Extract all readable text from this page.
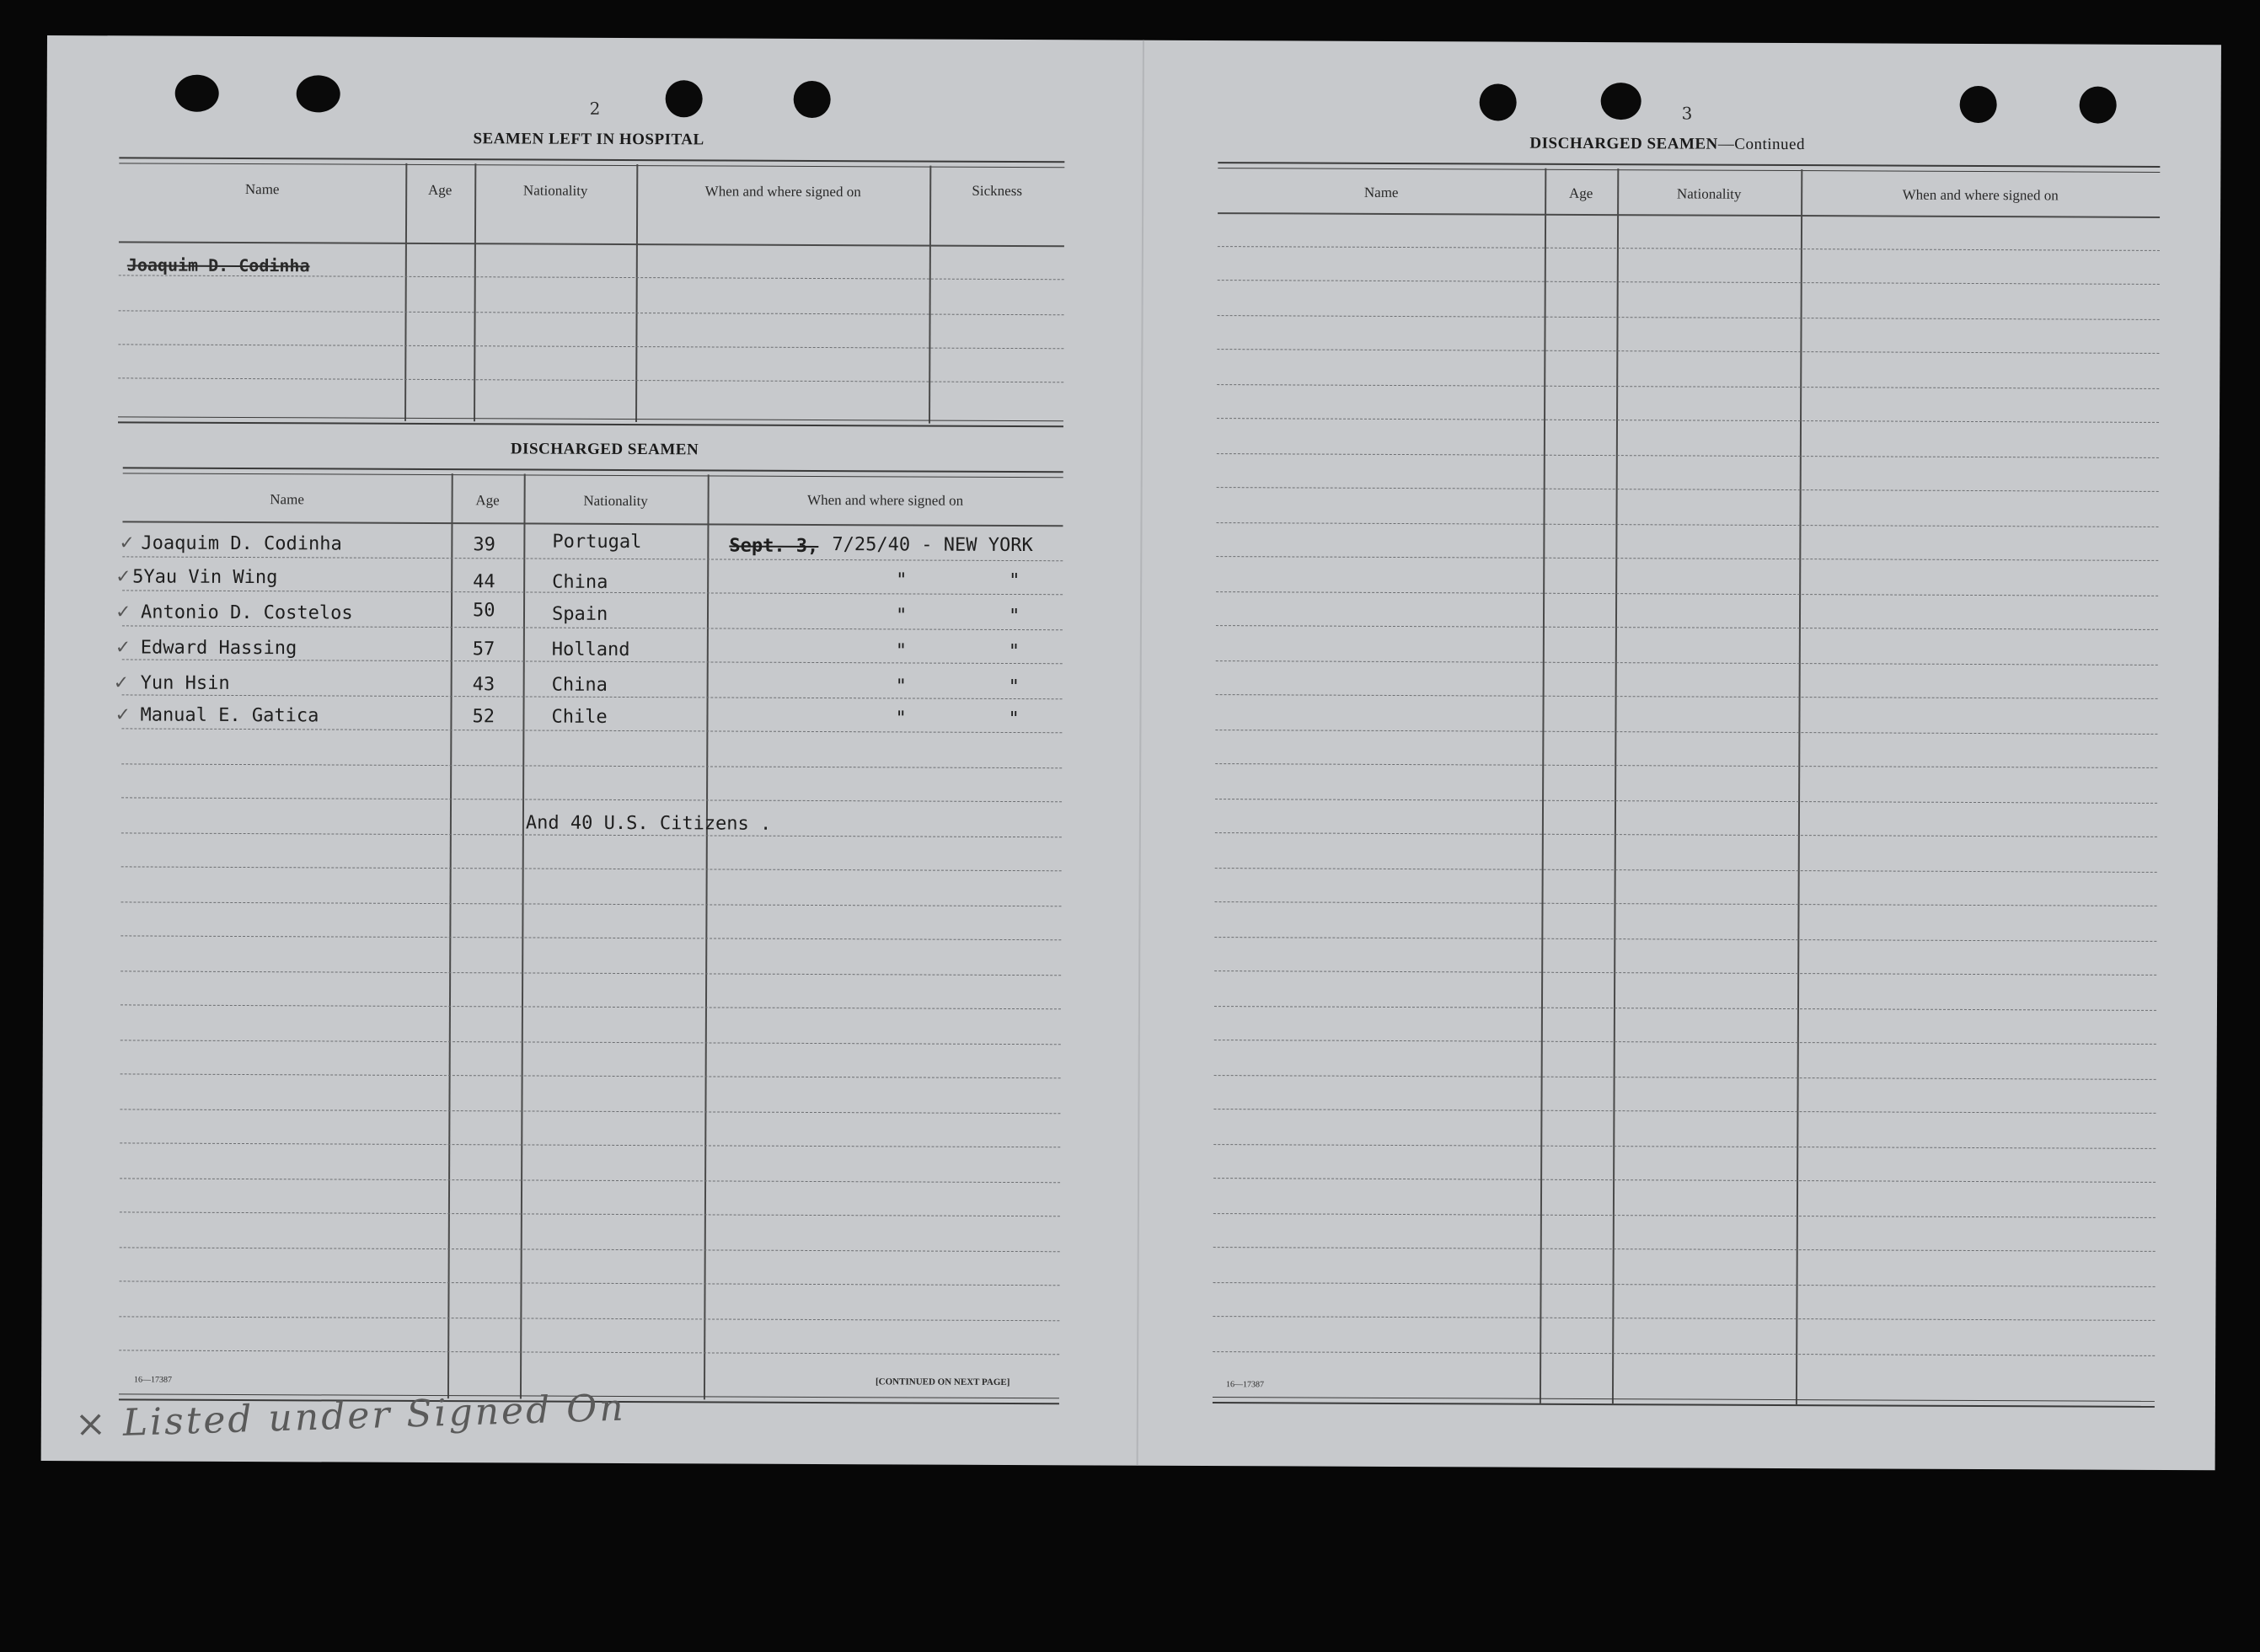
2
SEAMEN LEFT IN HOSPITAL
Name	Age	Nationality	When and where signed on	Sickness
Joaquim D. Codinha
DISCHARGED SEAMEN
Name	Age	Nationality	When and where signed on
✓ Joaquim D. Codinha	39	Portugal	Sept. 3, 7/25/40 - NEW YORK
✓ 5Yau Vin Wing	44	China	"	"
✓ Antonio D. Costelos	50	Spain	"	"
✓ Edward Hassing	57	Holland	"	"
✓ Yun Hsin	43	China	"	"
✓ Manual E. Gatica	52	Chile	"	"
And 40 U.S. Citizens .
16—17387	[CONTINUED ON NEXT PAGE]
× Listed under Signed On
3
DISCHARGED SEAMEN—Continued
Name	Age	Nationality	When and where signed on
16—17387
